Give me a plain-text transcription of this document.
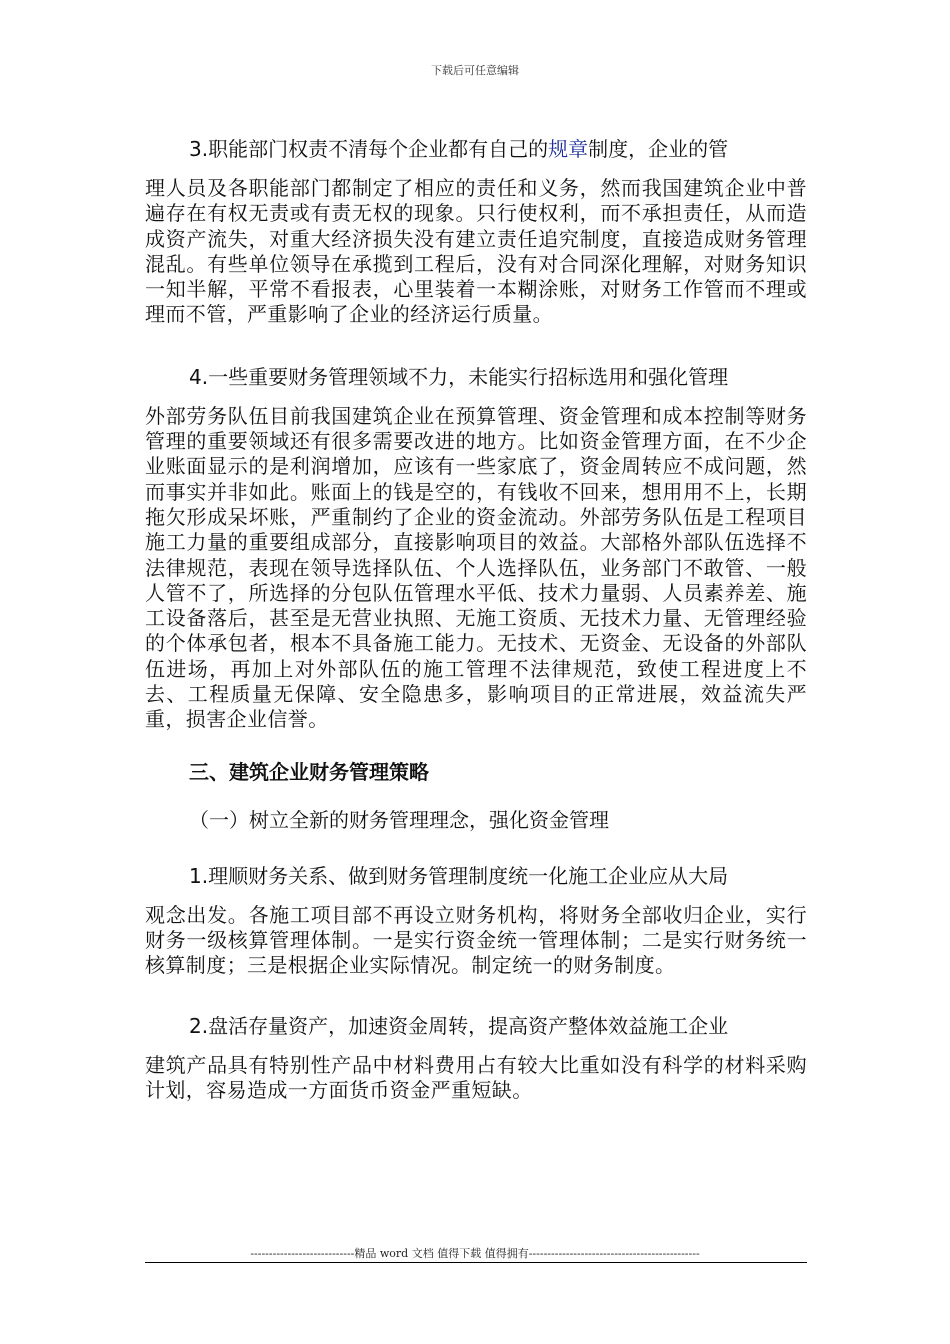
下载后可任意编辑

3.职能部门权责不清每个企业都有自己的规章制度，企业的管

理人员及各职能部门都制定了相应的责任和义务，然而我国建筑企业中普遍存在有权无责或有责无权的现象。只行使权利，而不承担责任，从而造成资产流失，对重大经济损失没有建立责任追究制度，直接造成财务管理混乱。有些单位领导在承揽到工程后，没有对合同深化理解，对财务知识一知半解，平常不看报表，心里装着一本糊涂账，对财务工作管而不理或理而不管，严重影响了企业的经济运行质量。

4.一些重要财务管理领域不力，未能实行招标选用和强化管理

外部劳务队伍目前我国建筑企业在预算管理、资金管理和成本控制等财务管理的重要领域还有很多需要改进的地方。比如资金管理方面，在不少企业账面显示的是利润增加，应该有一些家底了，资金周转应不成问题，然而事实并非如此。账面上的钱是空的，有钱收不回来，想用用不上，长期拖欠形成呆坏账，严重制约了企业的资金流动。外部劳务队伍是工程项目施工力量的重要组成部分，直接影响项目的效益。大部格外部队伍选择不法律规范，表现在领导选择队伍、个人选择队伍，业务部门不敢管、一般人管不了，所选择的分包队伍管理水平低、技术力量弱、人员素养差、施工设备落后，甚至是无营业执照、无施工资质、无技术力量、无管理经验的个体承包者，根本不具备施工能力。无技术、无资金、无设备的外部队伍进场，再加上对外部队伍的施工管理不法律规范，致使工程进度上不去、工程质量无保障、安全隐患多，影响项目的正常进展，效益流失严重，损害企业信誉。

三、建筑企业财务管理策略

（一）树立全新的财务管理理念，强化资金管理

1.理顺财务关系、做到财务管理制度统一化施工企业应从大局

观念出发。各施工项目部不再设立财务机构，将财务全部收归企业，实行财务一级核算管理体制。一是实行资金统一管理体制；二是实行财务统一核算制度；三是根据企业实际情况。制定统一的财务制度。

2.盘活存量资产，加速资金周转，提高资产整体效益施工企业

建筑产品具有特别性产品中材料费用占有较大比重如没有科学的材料采购计划，容易造成一方面货币资金严重短缺。

----------------------------精品 word 文档 值得下载 值得拥有----------------------------------------------
